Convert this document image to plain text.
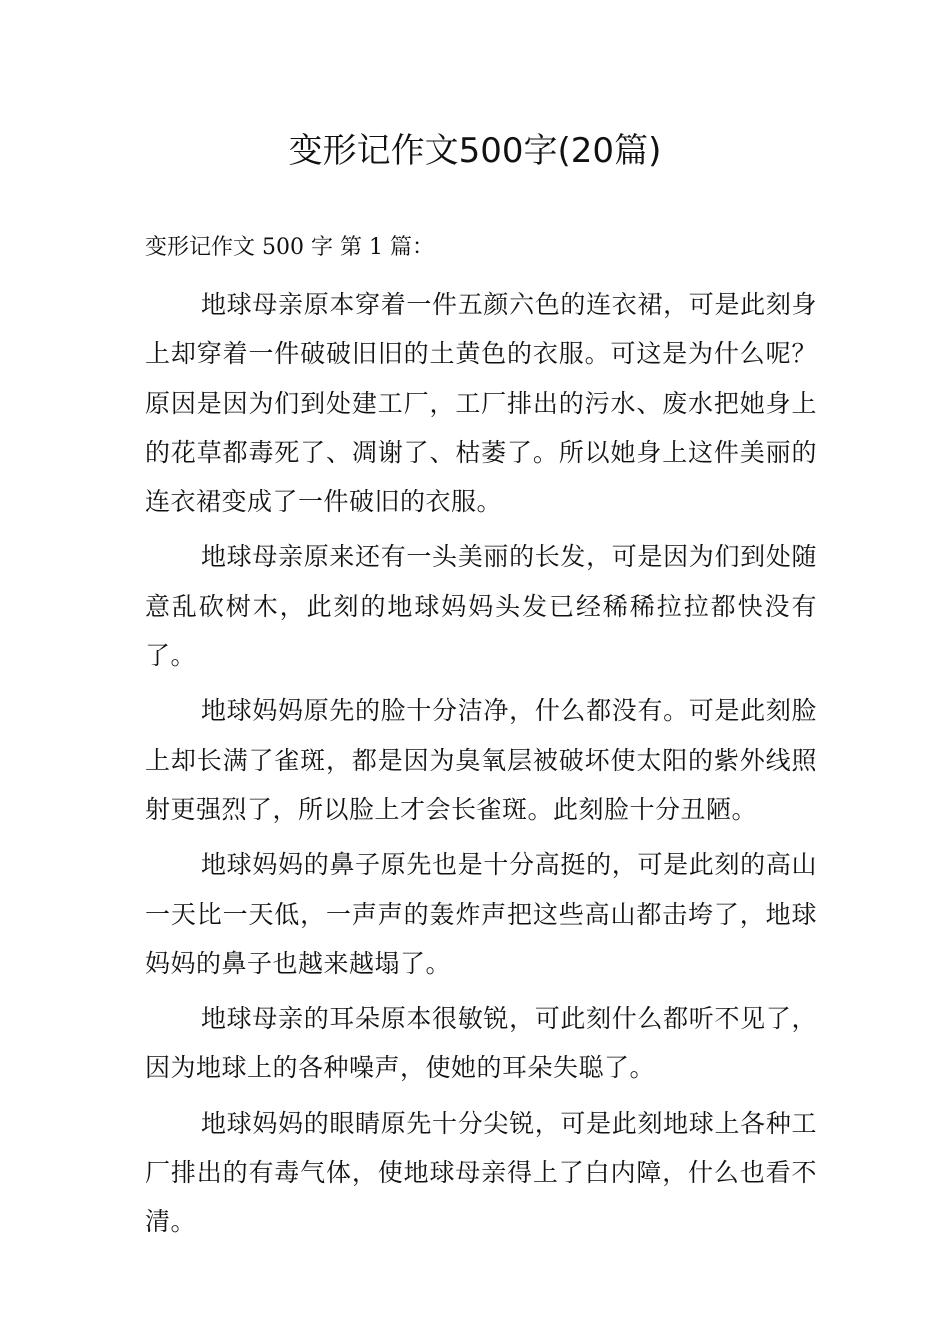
变形记作文500字(20篇)

变形记作文 500 字 第 1 篇：

地球母亲原本穿着一件五颜六色的连衣裙，可是此刻身上却穿着一件破破旧旧的土黄色的衣服。可这是为什么呢？原因是因为们到处建工厂，工厂排出的污水、废水把她身上的花草都毒死了、凋谢了、枯萎了。所以她身上这件美丽的连衣裙变成了一件破旧的衣服。

地球母亲原来还有一头美丽的长发，可是因为们到处随意乱砍树木，此刻的地球妈妈头发已经稀稀拉拉都快没有了。

地球妈妈原先的脸十分洁净，什么都没有。可是此刻脸上却长满了雀斑，都是因为臭氧层被破坏使太阳的紫外线照射更强烈了，所以脸上才会长雀斑。此刻脸十分丑陋。

地球妈妈的鼻子原先也是十分高挺的，可是此刻的高山一天比一天低，一声声的轰炸声把这些高山都击垮了，地球妈妈的鼻子也越来越塌了。

地球母亲的耳朵原本很敏锐，可此刻什么都听不见了，因为地球上的各种噪声，使她的耳朵失聪了。

地球妈妈的眼睛原先十分尖锐，可是此刻地球上各种工厂排出的有毒气体，使地球母亲得上了白内障，什么也看不清。
